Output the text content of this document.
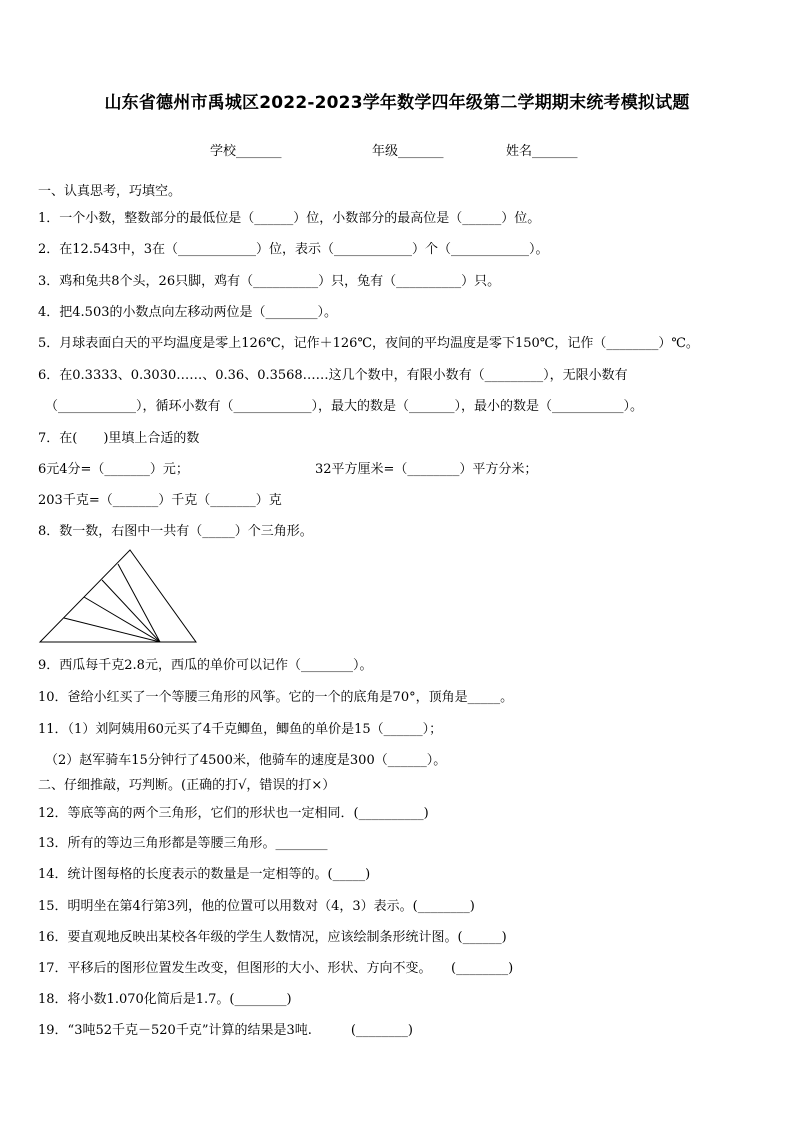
山东省德州市禹城区2022-2023学年数学四年级第二学期期末统考模拟试题
学校_______	年级_______	姓名_______
一、认真思考，巧填空。
1．一个小数，整数部分的最低位是（______）位，小数部分的最高位是（______）位。
2．在12.543中，3在（____________）位，表示（____________）个（____________）。
3．鸡和兔共8个头，26只脚，鸡有（__________）只，兔有（__________）只。
4．把4.503的小数点向左移动两位是（________）。
5．月球表面白天的平均温度是零上126℃，记作＋126℃，夜间的平均温度是零下150℃，记作（________）℃。
6．在0.3333、0.3030……、0.36、0.3568……这几个数中，有限小数有（_________），无限小数有
（____________），循环小数有（____________），最大的数是（_______），最小的数是（___________）。
7．在(　　)里填上合适的数
6元4分=（_______）元；	32平方厘米=（________）平方分米；
203千克=（_______）千克（_______）克
8．数一数，右图中一共有（_____）个三角形。
9．西瓜每千克2.8元，西瓜的单价可以记作（________）。
10．爸给小红买了一个等腰三角形的风筝。它的一个的底角是70°，顶角是_____。
11．（1）刘阿姨用60元买了4千克鲫鱼，鲫鱼的单价是15（______）；
（2）赵军骑车15分钟行了4500米，他骑车的速度是300（______）。
二、仔细推敲，巧判断。(正确的打√，错误的打×）
12．等底等高的两个三角形，它们的形状也一定相同．(__________)
13．所有的等边三角形都是等腰三角形。________
14．统计图每格的长度表示的数量是一定相等的。(_____)
15．明明坐在第4行第3列，他的位置可以用数对（4，3）表示。(________)
16．要直观地反映出某校各年级的学生人数情况，应该绘制条形统计图。(______)
17．平移后的图形位置发生改变，但图形的大小、形状、方向不变。　　(________)
18．将小数1.070化简后是1.7。(________)
19．“3吨52千克－520千克”计算的结果是3吨.　　　(________)
